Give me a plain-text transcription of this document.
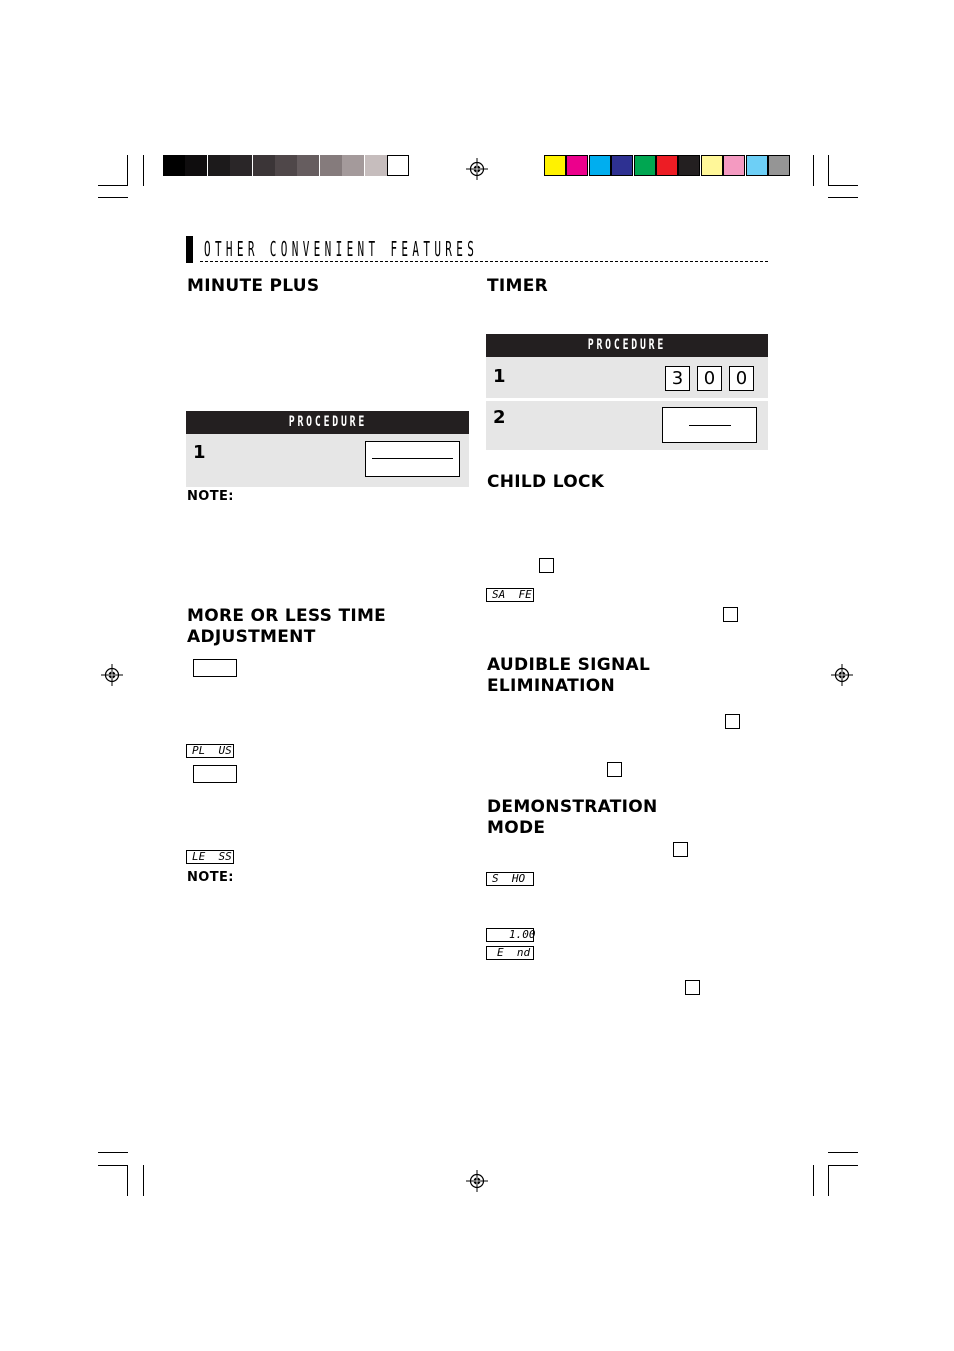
OTHER CONVENIENT FEATURES
MINUTE PLUS
PROCEDURE
1
NOTE:
MORE OR LESS TIME
ADJUSTMENT
PL  US
LE  SS
NOTE:
TIMER
PROCEDURE
1	3	0	0
2
CHILD LOCK
SA  FE
AUDIBLE SIGNAL
ELIMINATION
DEMONSTRATION
MODE
S  HO
1.00
E  nd
